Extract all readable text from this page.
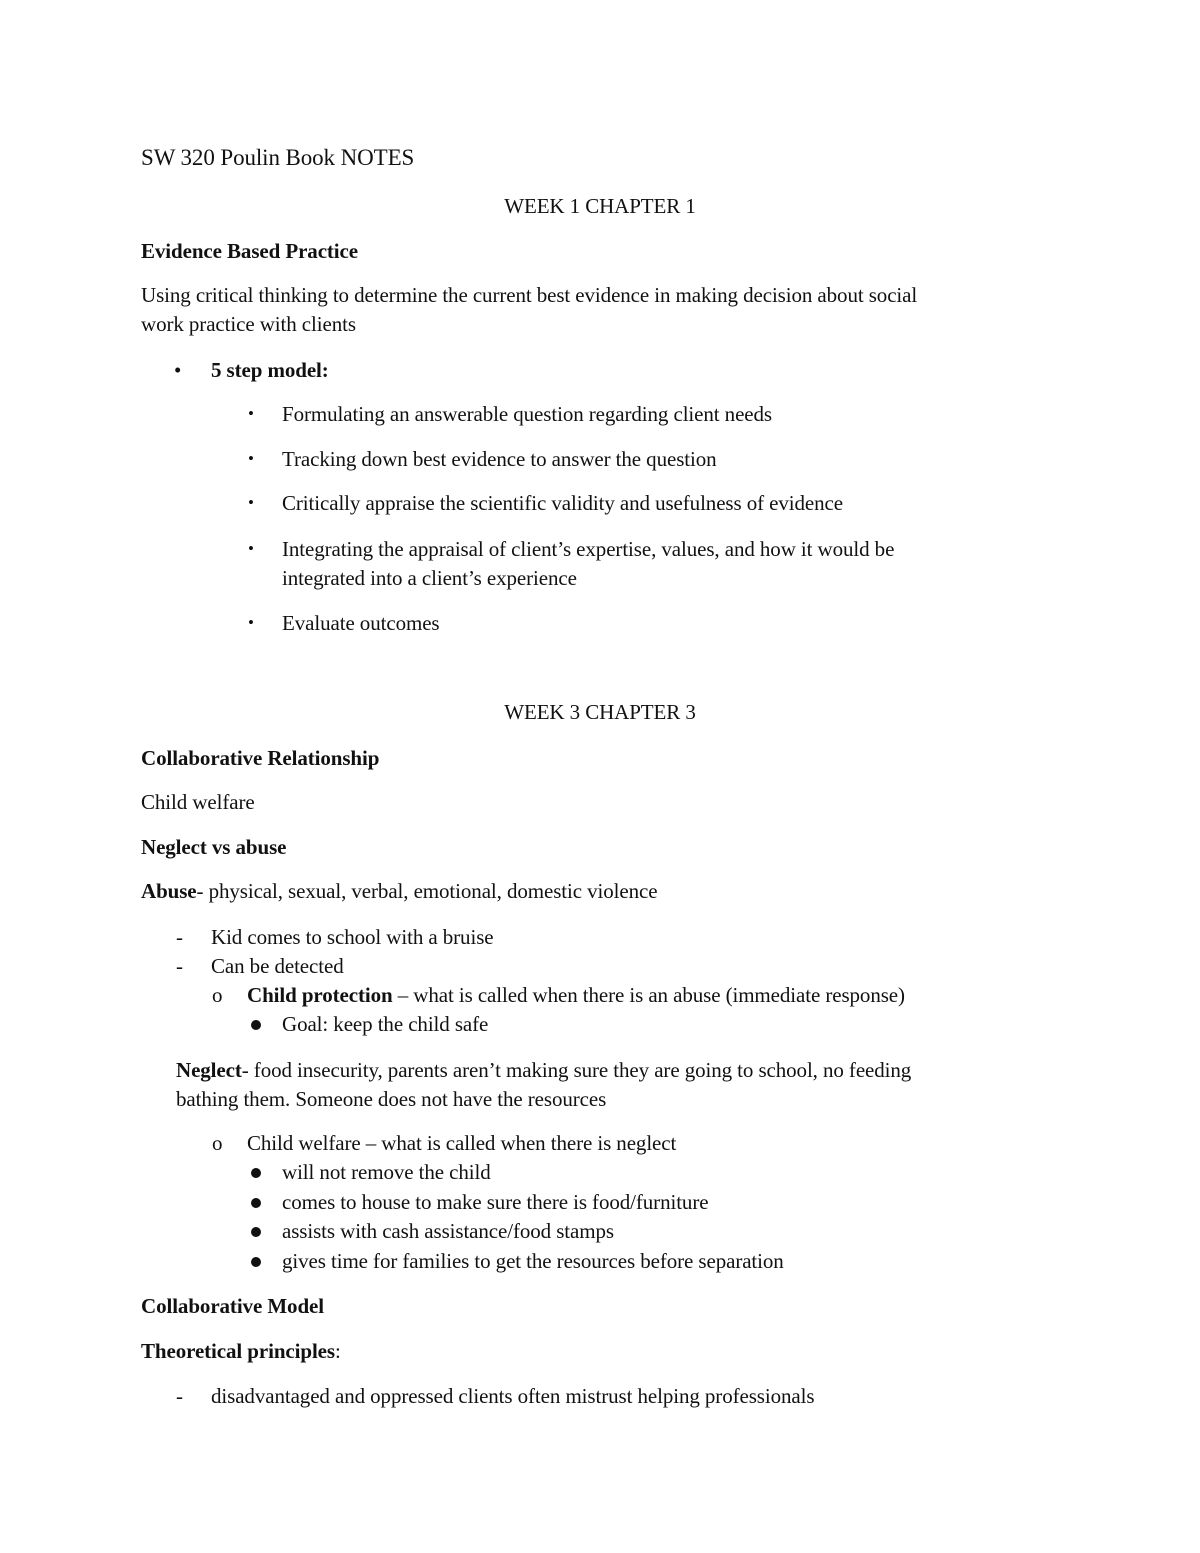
SW 320 Poulin Book NOTES
WEEK 1 CHAPTER 1
Evidence Based Practice
Using critical thinking to determine the current best evidence in making decision about social
work practice with clients
• 5 step model:
• Formulating an answerable question regarding client needs
• Tracking down best evidence to answer the question
• Critically appraise the scientific validity and usefulness of evidence
• Integrating the appraisal of client’s expertise, values, and how it would be
integrated into a client’s experience
• Evaluate outcomes
WEEK 3 CHAPTER 3
Collaborative Relationship
Child welfare
Neglect vs abuse
Abuse- physical, sexual, verbal, emotional, domestic violence
- Kid comes to school with a bruise
- Can be detected
o Child protection – what is called when there is an abuse (immediate response)
Goal: keep the child safe
Neglect- food insecurity, parents aren’t making sure they are going to school, no feeding
bathing them. Someone does not have the resources
o Child welfare – what is called when there is neglect
will not remove the child
comes to house to make sure there is food/furniture
assists with cash assistance/food stamps
gives time for families to get the resources before separation
Collaborative Model
Theoretical principles:
- disadvantaged and oppressed clients often mistrust helping professionals
